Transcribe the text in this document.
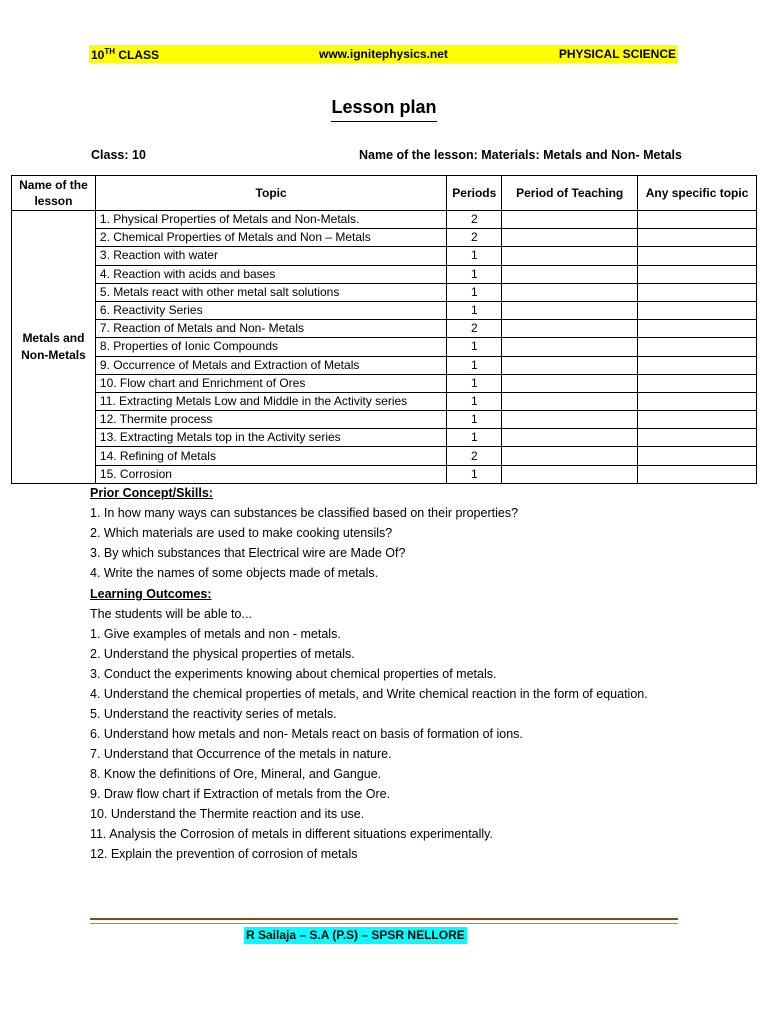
10TH CLASS	www.ignitephysics.net	PHYSICAL SCIENCE
Lesson plan
Class: 10	Name of the lesson: Materials: Metals and Non- Metals
Name of the lesson	Topic	Periods	Period of Teaching	Any specific topic
Metals and Non-Metals	1. Physical Properties of Metals and Non-Metals.	2		
	2. Chemical Properties of Metals and Non – Metals	2		
	3. Reaction with water	1		
	4. Reaction with acids and bases	1		
	5. Metals react with other metal salt solutions	1		
	6. Reactivity Series	1		
	7. Reaction of Metals and Non- Metals	2		
	8. Properties of Ionic Compounds	1		
	9. Occurrence of Metals and Extraction of Metals	1		
	10. Flow chart and Enrichment of Ores	1		
	11. Extracting Metals Low and Middle in the Activity series	1		
	12. Thermite process	1		
	13. Extracting Metals top in the Activity series	1		
	14. Refining of Metals	2		
	15. Corrosion	1		
Prior Concept/Skills:
1. In how many ways can substances be classified based on their properties?
2. Which materials are used to make cooking utensils?
3. By which substances that Electrical wire are Made Of?
4. Write the names of some objects made of metals.
Learning Outcomes:
The students will be able to...
1. Give examples of metals and non - metals.
2. Understand the physical properties of metals.
3. Conduct the experiments knowing about chemical properties of metals.
4. Understand the chemical properties of metals, and Write chemical reaction in the form of equation.
5. Understand the reactivity series of metals.
6. Understand how metals and non- Metals react on basis of formation of ions.
7. Understand that Occurrence of the metals in nature.
8. Know the definitions of Ore, Mineral, and Gangue.
9. Draw flow chart if Extraction of metals from the Ore.
10. Understand the Thermite reaction and its use.
11. Analysis the Corrosion of metals in different situations experimentally.
12. Explain the prevention of corrosion of metals
R Sailaja – S.A (P.S) – SPSR NELLORE
